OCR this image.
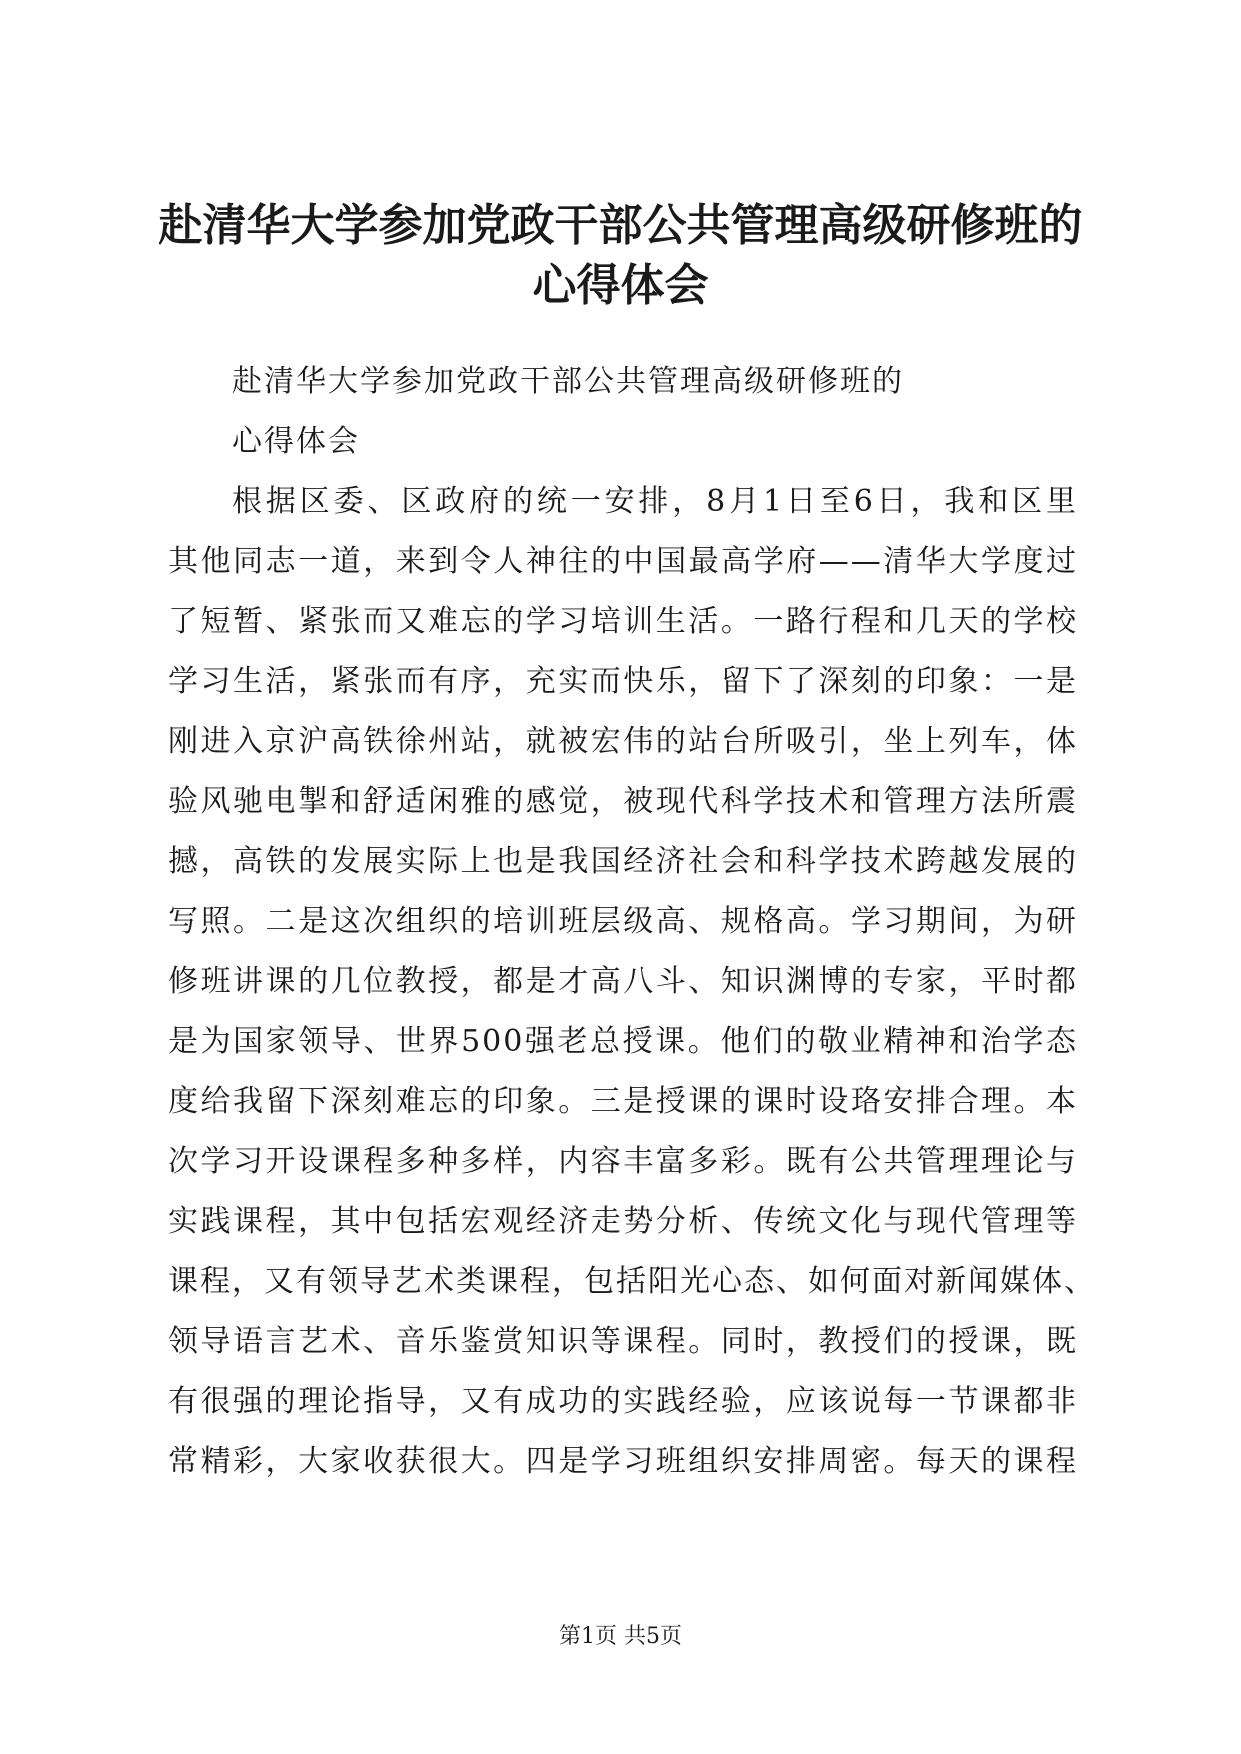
赴清华大学参加党政干部公共管理高级研修班的心得体会

赴清华大学参加党政干部公共管理高级研修班的

心得体会

根据区委、区政府的统一安排，8月1日至6日，我和区里
其他同志一道，来到令人神往的中国最高学府——清华大学度过
了短暂、紧张而又难忘的学习培训生活。一路行程和几天的学校
学习生活，紧张而有序，充实而快乐，留下了深刻的印象：一是
刚进入京沪高铁徐州站，就被宏伟的站台所吸引，坐上列车，体
验风驰电掣和舒适闲雅的感觉，被现代科学技术和管理方法所震
撼，高铁的发展实际上也是我国经济社会和科学技术跨越发展的
写照。二是这次组织的培训班层级高、规格高。学习期间，为研
修班讲课的几位教授，都是才高八斗、知识渊博的专家，平时都
是为国家领导、世界500强老总授课。他们的敬业精神和治学态
度给我留下深刻难忘的印象。三是授课的课时设珞安排合理。本
次学习开设课程多种多样，内容丰富多彩。既有公共管理理论与
实践课程，其中包括宏观经济走势分析、传统文化与现代管理等
课程，又有领导艺术类课程，包括阳光心态、如何面对新闻媒体、
领导语言艺术、音乐鉴赏知识等课程。同时，教授们的授课，既
有很强的理论指导，又有成功的实践经验，应该说每一节课都非
常精彩，大家收获很大。四是学习班组织安排周密。每天的课程

第1页 共5页
